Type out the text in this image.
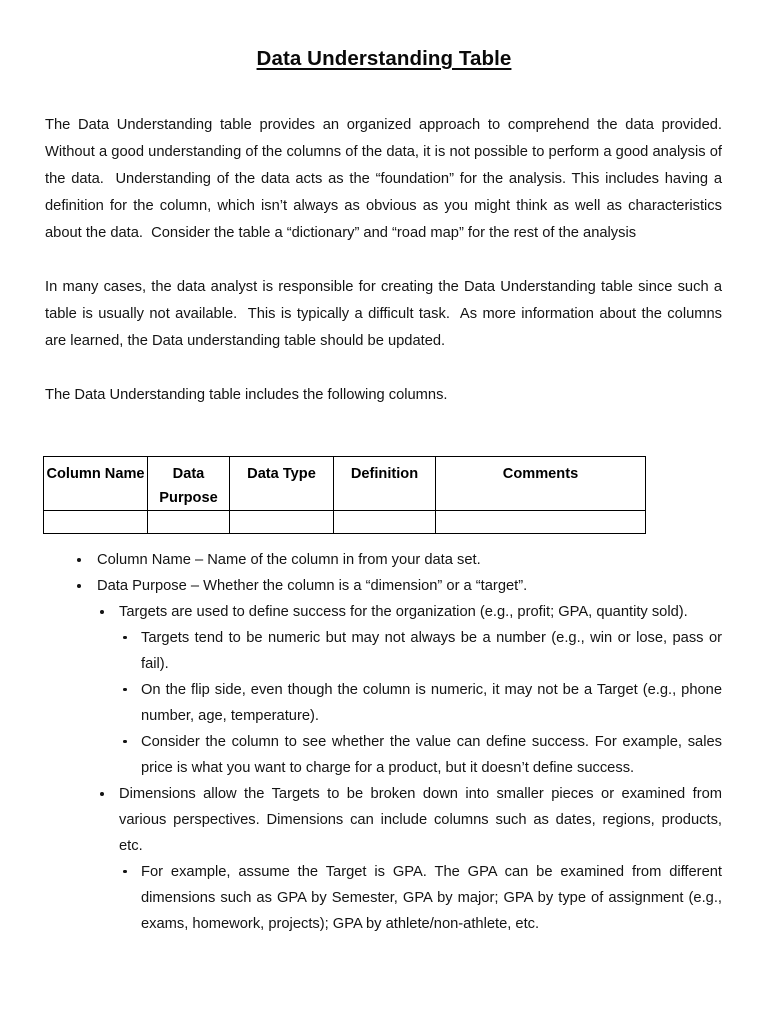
Data Understanding Table

The Data Understanding table provides an organized approach to comprehend the data provided.  Without a good understanding of the columns of the data, it is not possible to perform a good analysis of the data.  Understanding of the data acts as the “foundation” for the analysis. This includes having a definition for the column, which isn’t always as obvious as you might think as well as characteristics about the data.  Consider the table a “dictionary” and “road map” for the rest of the analysis

In many cases, the data analyst is responsible for creating the Data Understanding table since such a table is usually not available.  This is typically a difficult task.  As more information about the columns are learned, the Data understanding table should be updated.

The Data Understanding table includes the following columns.

Column Name	Data Purpose	Data Type	Definition	Comments

Column Name – Name of the column in from your data set.
Data Purpose – Whether the column is a “dimension” or a “target”.
Targets are used to define success for the organization (e.g., profit; GPA, quantity sold).
Targets tend to be numeric but may not always be a number (e.g., win or lose, pass or fail).
On the flip side, even though the column is numeric, it may not be a Target (e.g., phone number, age, temperature).
Consider the column to see whether the value can define success. For example, sales price is what you want to charge for a product, but it doesn’t define success.
Dimensions allow the Targets to be broken down into smaller pieces or examined from various perspectives. Dimensions can include columns such as dates, regions, products, etc.
For example, assume the Target is GPA. The GPA can be examined from different dimensions such as GPA by Semester, GPA by major; GPA by type of assignment (e.g., exams, homework, projects); GPA by athlete/non-athlete, etc.
